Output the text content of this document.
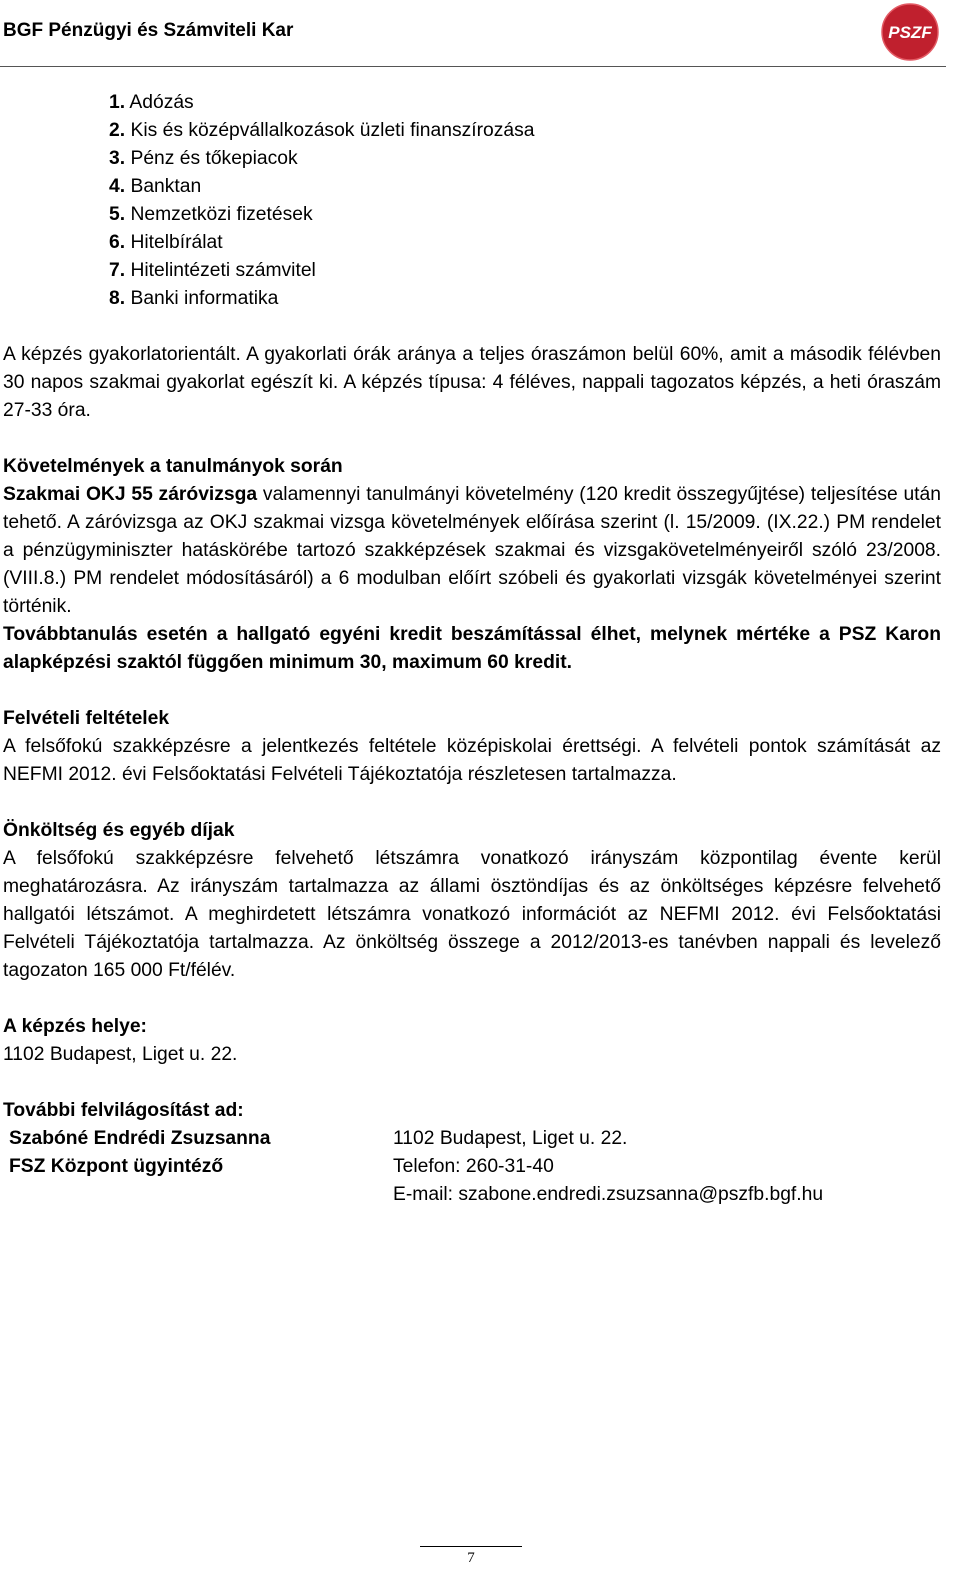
BGF Pénzügyi és Számviteli Kar	PSZF
1. Adózás
2. Kis és középvállalkozások üzleti finanszírozása
3. Pénz és tőkepiacok
4. Banktan
5. Nemzetközi fizetések
6. Hitelbírálat
7. Hitelintézeti számvitel
8. Banki informatika

A képzés gyakorlatorientált. A gyakorlati órák aránya a teljes óraszámon belül 60%, amit a második félévben 30 napos szakmai gyakorlat egészít ki. A képzés típusa: 4 féléves, nappali tagozatos képzés, a heti óraszám 27-33 óra.

Követelmények a tanulmányok során

Szakmai OKJ 55 záróvizsga valamennyi tanulmányi követelmény (120 kredit összegyűjtése) teljesítése után tehető. A záróvizsga az OKJ szakmai vizsga követelmények előírása szerint (l. 15/2009. (IX.22.) PM rendelet a pénzügyminiszter hatáskörébe tartozó szakképzések szakmai és vizsgakövetelményeiről szóló 23/2008. (VIII.8.) PM rendelet módosításáról) a 6 modulban előírt szóbeli és gyakorlati vizsgák követelményei szerint történik.

Továbbtanulás esetén a hallgató egyéni kredit beszámítással élhet, melynek mértéke a PSZ Karon alapképzési szaktól függően minimum 30, maximum 60 kredit.

Felvételi feltételek

A felsőfokú szakképzésre a jelentkezés feltétele középiskolai érettségi. A felvételi pontok számítását az NEFMI 2012. évi Felsőoktatási Felvételi Tájékoztatója részletesen tartalmazza.

Önköltség és egyéb díjak

A felsőfokú szakképzésre felvehető létszámra vonatkozó irányszám központilag évente kerül meghatározásra. Az irányszám tartalmazza az állami ösztöndíjas és az önköltséges képzésre felvehető hallgatói létszámot. A meghirdetett létszámra vonatkozó információt az NEFMI 2012. évi Felsőoktatási Felvételi Tájékoztatója tartalmazza. Az önköltség összege a 2012/2013-es tanévben nappali és levelező tagozaton 165 000 Ft/félév.

A képzés helye:
1102 Budapest, Liget u. 22.
További felvilágosítást ad:
Szabóné Endrédi Zsuzsanna
FSZ Központ ügyintéző
1102 Budapest, Liget u. 22.
Telefon: 260-31-40
E-mail: szabone.endredi.zsuzsanna@pszfb.bgf.hu
7
